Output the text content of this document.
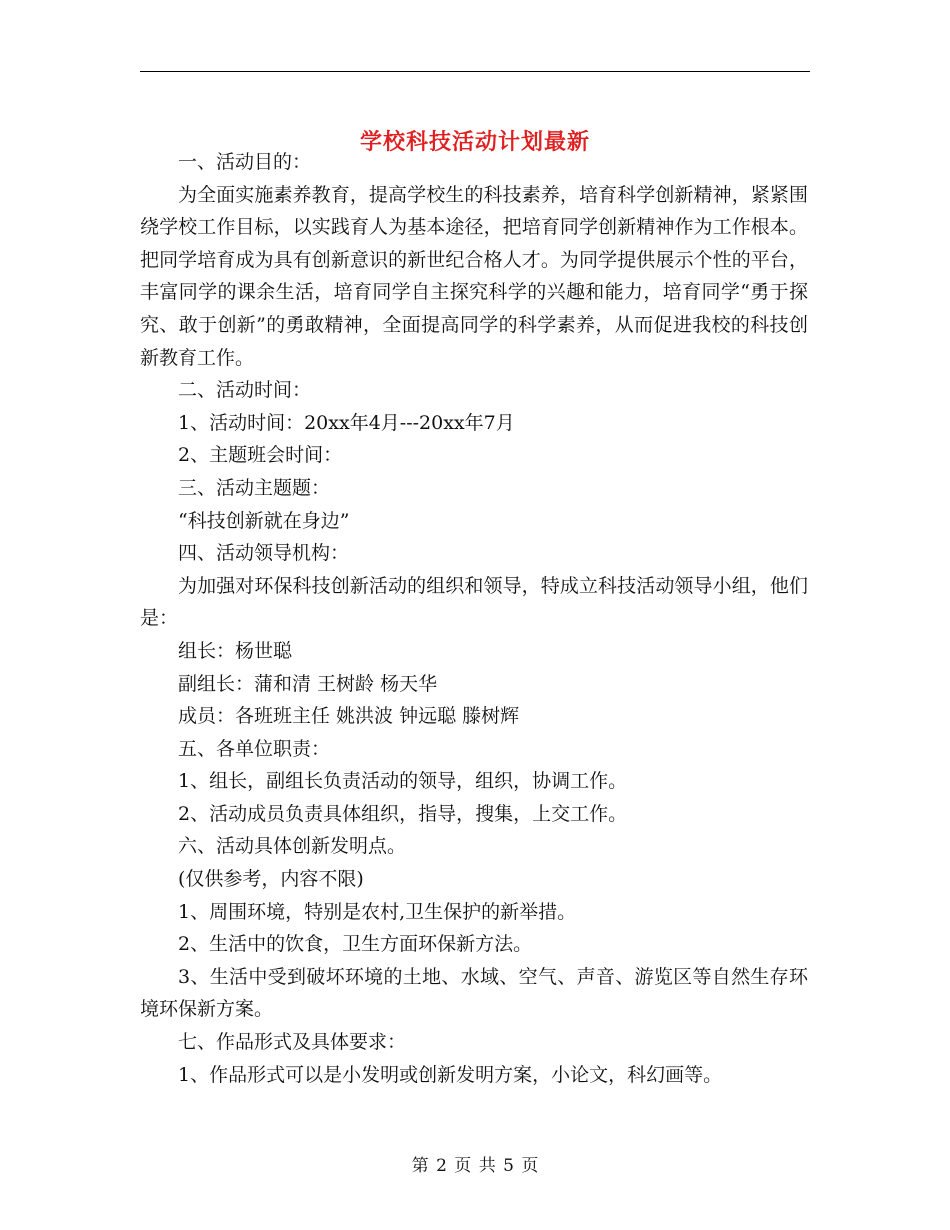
学校科技活动计划最新

一、活动目的：

为全面实施素养教育，提高学校生的科技素养，培育科学创新精神，紧紧围绕学校工作目标，以实践育人为基本途径，把培育同学创新精神作为工作根本。把同学培育成为具有创新意识的新世纪合格人才。为同学提供展示个性的平台，丰富同学的课余生活，培育同学自主探究科学的兴趣和能力，培育同学“勇于探究、敢于创新”的勇敢精神，全面提高同学的科学素养，从而促进我校的科技创新教育工作。

二、活动时间：

1、活动时间：20xx年4月---20xx年7月

2、主题班会时间：

三、活动主题题：

“科技创新就在身边”

四、活动领导机构：

为加强对环保科技创新活动的组织和领导，特成立科技活动领导小组，他们是：

组长：杨世聪

副组长：蒲和清 王树龄 杨天华

成员：各班班主任 姚洪波 钟远聪 滕树辉

五、各单位职责：

1、组长，副组长负责活动的领导，组织，协调工作。

2、活动成员负责具体组织，指导，搜集，上交工作。

六、活动具体创新发明点。

(仅供参考，内容不限)

1、周围环境，特别是农村,卫生保护的新举措。

2、生活中的饮食，卫生方面环保新方法。

3、生活中受到破坏环境的土地、水域、空气、声音、游览区等自然生存环境环保新方案。

七、作品形式及具体要求：

1、作品形式可以是小发明或创新发明方案，小论文，科幻画等。

第 2 页 共 5 页
